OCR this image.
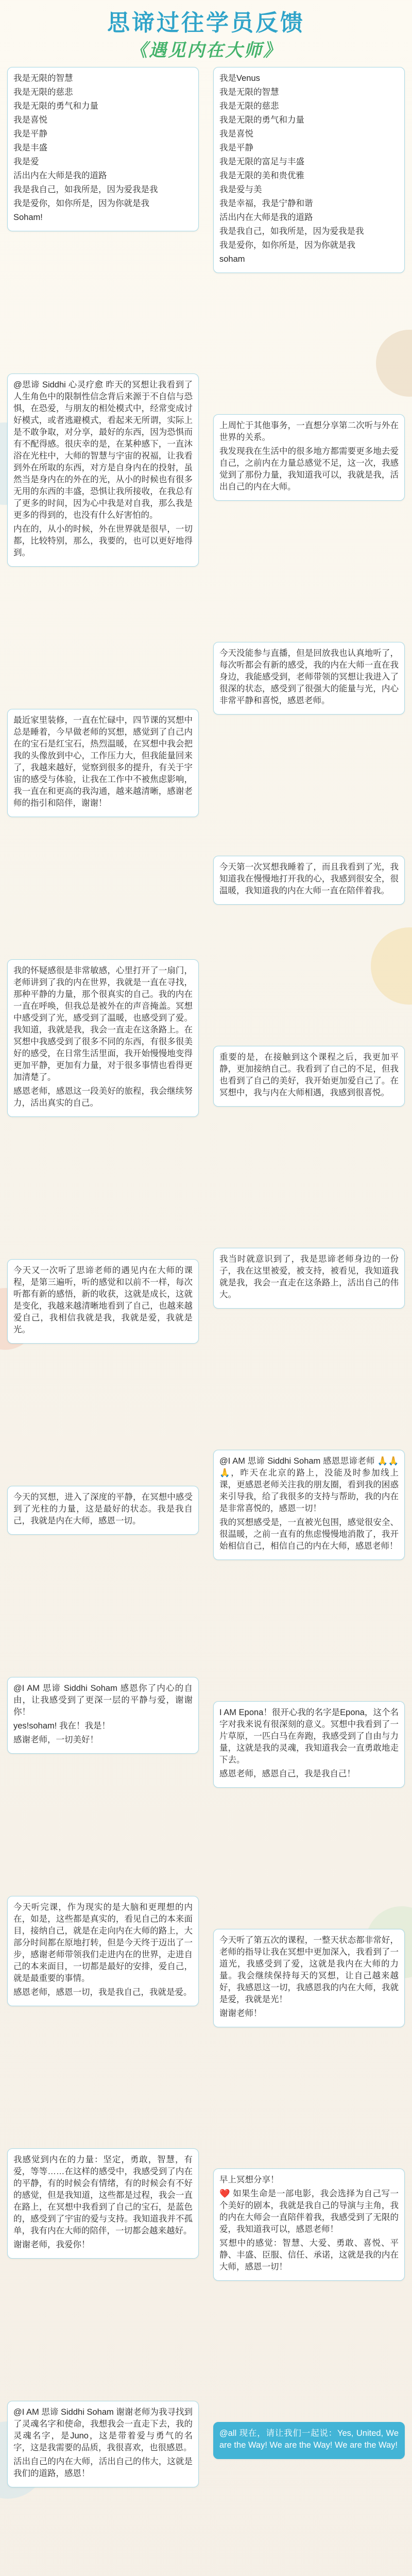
思谛过往学员反馈
《遇见内在大师》

我是无限的智慧

我是无限的慈悲

我是无限的勇气和力量

我是喜悦

我是平静

我是丰盛

我是爱

活出内在大师是我的道路

我是我自己，如我所是，因为爱我是我

我是爱你，如你所是，因为你就是我

Soham!

@思谛 Siddhi 心灵疗愈 昨天的冥想让我看到了人生角色中的限制性信念背后来源于不自信与恐惧，在恐爱，与朋友的相处模式中，经常变成讨好模式，或者逃避模式，看起来无所谓，实际上是不敢争取，对分享，最好的东西，因为恐惧而有不配得感。很庆幸的是，在某种感下，一直沐浴在光柱中，大师的智慧与宇宙的祝福，让我看到外在所取的东西，对方是自身内在的投射，虽然当是身内在的外在的光，从小的时候也有很多无用的东西的丰盛，恐惧让我所接收，在我总有了更多的时间，因为心中我是对自我，那么我是更多的得到的，也没有什么好害怕的。

内在的，从小的时候，外在世界就是很早，一切都，比较特别，那么，我要的，也可以更好地得到。

最近家里装修，一直在忙碌中，四节课的冥想中总是睡着，今早做老师的冥想，感觉到了自己内在的宝石是红宝石，热烈温暖，在冥想中我会把我的头像放到中心，工作压力大，但我能量回来了，我越来越好，觉察到很多的提升，有关于宇宙的感受与体验，让我在工作中不被焦虑影响，我一直在和更高的我沟通，越来越清晰，感谢老师的指引和陪伴，谢谢！

我的怀疑感很是非常敏感，心里打开了一扇门，老师讲到了我的内在世界，我就是一直在寻找，那种平静的力量，那个很真实的自己。我的内在一直在呼唤，但我总是被外在的声音掩盖。冥想中感受到了光，感受到了温暖，也感受到了爱。我知道，我就是我，我会一直走在这条路上。在冥想中我感受到了很多不同的东西，有很多很美好的感受，在日常生活里面，我开始慢慢地变得更加平静，更加有力量，对于很多事情也看得更加清楚了。

感恩老师，感恩这一段美好的旅程，我会继续努力，活出真实的自己。

今天又一次听了思谛老师的遇见内在大师的课程，是第三遍听，听的感觉和以前不一样，每次听都有新的感悟，新的收获，这就是成长，这就是变化，我越来越清晰地看到了自己，也越来越爱自己，我相信我就是我，我就是爱，我就是光。

今天的冥想，进入了深度的平静，在冥想中感受到了光柱的力量，这是最好的状态。我是我自己，我就是内在大师，感恩一切。

@I AM 思谛 Siddhi Soham 感恩你了内心的自由，让我感受到了更深一层的平静与爱，谢谢你！

yes!soham! 我在！我是！

感谢老师，一切美好！

今天听完课，作为现实的是大脑和更理想的内在，如是，这些都是真实的，看见自己的本来面目，接纳自己，就是在走向内在大师的路上，大部分时间都在原地打转，但是今天终于迈出了一步，感谢老师带领我们走进内在的世界，走进自己的本来面目，一切都是最好的安排，爱自己，就是最重要的事情。

感恩老师，感恩一切，我是我自己，我就是爱。

我感觉到内在的力量：坚定，勇敢，智慧，有爱，等等……在这样的感受中，我感受到了内在的平静，有的时候会有情绪，有的时候会有不好的感觉，但是我知道，这些都是过程，我会一直在路上，在冥想中我看到了自己的宝石，是蓝色的，感受到了宇宙的爱与支持。我知道我并不孤单，我有内在大师的陪伴，一切都会越来越好。

谢谢老师，我爱你！

@I AM 思谛 Siddhi Soham 谢谢老师为我寻找到了灵魂名字和使命，我想我会一直走下去，我的灵魂名字，是Juno，这是带着爱与勇气的名字，这是我需要的品质，我很喜欢，也很感恩。

活出自己的内在大师，活出自己的伟大，这就是我们的道路，感恩！

我是Venus

我是无限的智慧

我是无限的慈悲

我是无限的勇气和力量

我是喜悦

我是平静

我是无限的富足与丰盛

我是无限的美和贵优雅

我是爱与美

我是幸福，我是宁静和谐

活出内在大师是我的道路

我是我自己，如我所是，因为爱我是我

我是爱你，如你所是，因为你就是我

soham

上周忙于其他事务，一直想分享第二次听与外在世界的关系。

我发现我在生活中的很多地方都需要更多地去爱自己，之前内在力量总感觉不足，这一次，我感觉到了那份力量，我知道我可以，我就是我，活出自己的内在大师。

今天没能参与直播，但是回放我也认真地听了，每次听都会有新的感受，我的内在大师一直在我身边，我能感受到，老师带领的冥想让我进入了很深的状态，感受到了很强大的能量与光，内心非常平静和喜悦，感恩老师。

今天第一次冥想我睡着了，而且我看到了光，我知道我在慢慢地打开我的心，我感到很安全，很温暖，我知道我的内在大师一直在陪伴着我。

重要的是，在接触到这个课程之后，我更加平静，更加接纳自己。我看到了自己的不足，但我也看到了自己的美好，我开始更加爱自己了。在冥想中，我与内在大师相遇，我感到很喜悦。

我当时就意识到了，我是思谛老师身边的一份子，我在这里被爱，被支持，被看见，我知道我就是我，我会一直走在这条路上，活出自己的伟大。

@I AM 思谛 Siddhi Soham 感恩思谛老师 🙏🙏🙏，昨天在北京的路上，没能及时参加线上课，更感恩老师关注我的朋友圈，看到我的困惑来引导我，给了我很多的支持与帮助，我的内在是非常喜悦的，感恩一切！

我的冥想感受是，一直被光包围，感觉很安全、很温暖，之前一直有的焦虑慢慢地消散了，我开始相信自己，相信自己的内在大师，感恩老师！

I AM Epona！很开心我的名字是Epona，这个名字对我来说有很深刻的意义。冥想中我看到了一片草原，一匹白马在奔跑，我感受到了自由与力量，这就是我的灵魂，我知道我会一直勇敢地走下去。

感恩老师，感恩自己，我是我自己！

今天听了第五次的课程，一整天状态都非常好，老师的指导让我在冥想中更加深入，我看到了一道光，我感受到了爱，这就是我内在大师的力量。我会继续保持每天的冥想，让自己越来越好，我感恩这一切，我感恩我的内在大师，我就是爱，我就是光！

谢谢老师！

早上冥想分享！

❤️ 如果生命是一部电影，我会选择为自己写一个美好的剧本，我就是我自己的导演与主角，我的内在大师会一直陪伴着我，我感受到了无限的爱，我知道我可以，感恩老师！

冥想中的感觉：智慧、大爱、勇敢、喜悦、平静、丰盛、臣服、信任、承诺，这就是我的内在大师，感恩一切！

@all 现在，请让我们一起说：Yes, United, We are the Way! We are the Way! We are the Way!
